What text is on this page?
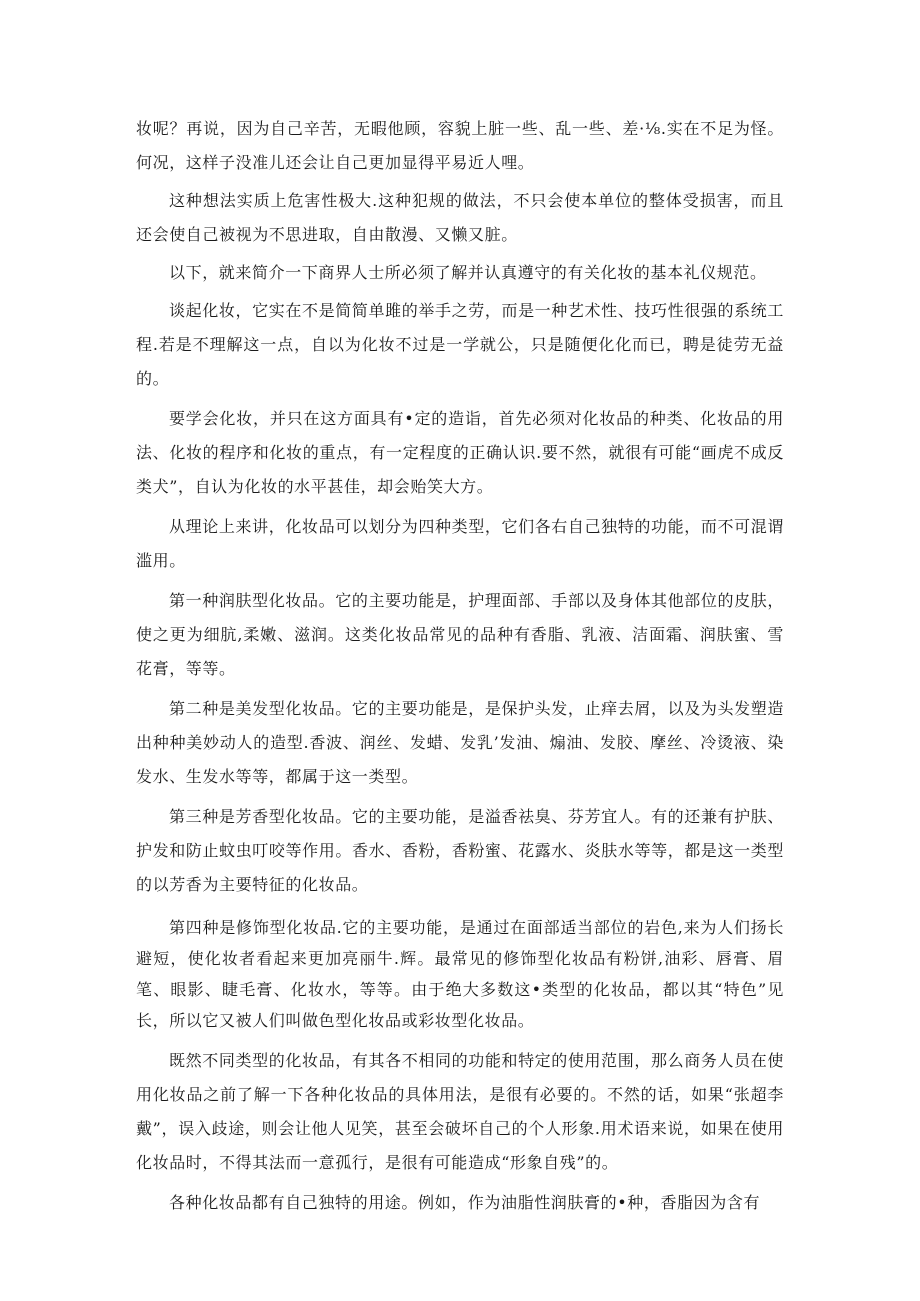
妆呢？再说，因为自己辛苦，无暇他顾，容貌上脏一些、乱一些、差·⅛.实在不足为怪。何况，这样子没准儿还会让自己更加显得平易近人哩。

这种想法实质上危害性极大.这种犯规的做法，不只会使本单位的整体受损害，而且还会使自己被视为不思进取，自由散漫、又懒又脏。

以下，就来简介一下商界人士所必须了解并认真遵守的有关化妆的基本礼仪规范。

谈起化妆，它实在不是简简单雎的举手之劳，而是一种艺术性、技巧性很强的系统工程.若是不理解这一点，自以为化妆不过是一学就公，只是随便化化而已，聘是徒劳无益的。

要学会化妆，并只在这方面具有•定的造诣，首先必须对化妆品的种类、化妆品的用法、化妆的程序和化妆的重点，有一定程度的正确认识.要不然，就很有可能“画虎不成反类犬”，自认为化妆的水平甚佳，却会贻笑大方。

从理论上来讲，化妆品可以划分为四种类型，它们各右自己独特的功能，而不可混谓滥用。

第一种润肤型化妆品。它的主要功能是，护理面部、手部以及身体其他部位的皮肤，使之更为细肮,柔嫩、滋润。这类化妆品常见的品种有香脂、乳液、洁面霜、润肤蜜、雪花膏，等等。

第二种是美发型化妆品。它的主要功能是，是保护头发，止痒去屑，以及为头发塑造出种种美妙动人的造型.香波、润丝、发蜡、发乳’发油、煽油、发胶、摩丝、冷烫液、染发水、生发水等等，都属于这一类型。

第三种是芳香型化妆品。它的主要功能，是溢香祛臭、芬芳宜人。有的还兼有护肤、护发和防止蚊虫叮咬等作用。香水、香粉，香粉蜜、花露水、炎肤水等等，都是这一类型的以芳香为主要特征的化妆品。

第四种是修饰型化妆品.它的主要功能，是通过在面部适当部位的岩色,来为人们扬长避短，使化妆者看起来更加亮丽牛.辉。最常见的修饰型化妆品有粉饼,油彩、唇膏、眉笔、眼影、睫毛膏、化妆水，等等。由于绝大多数这•类型的化妆品，都以其“特色”见长，所以它又被人们叫做色型化妆品或彩妆型化妆品。

既然不同类型的化妆品，有其各不相同的功能和特定的使用范围，那么商务人员在使用化妆品之前了解一下各种化妆品的具体用法，是很有必要的。不然的话，如果“张超李戴”，误入歧途，则会让他人见笑，甚至会破坏自己的个人形象.用术语来说，如果在使用化妆品时，不得其法而一意孤行，是很有可能造成“形象自残”的。

各种化妆品都有自己独特的用途。例如，作为油脂性润肤膏的•种，香脂因为含有
